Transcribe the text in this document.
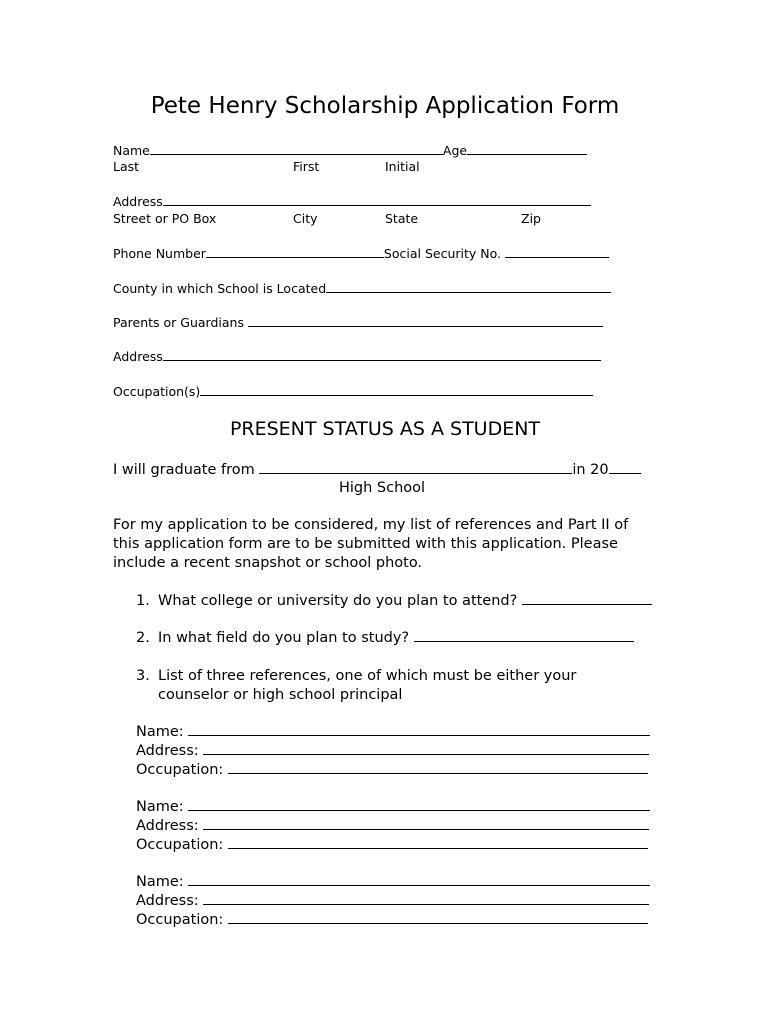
Pete Henry Scholarship Application Form
Name	Age
Last	First	Initial
Address
Street or PO Box	City	State	Zip
Phone Number	Social Security No.
County in which School is Located
Parents or Guardians
Address
Occupation(s)
PRESENT STATUS AS A STUDENT
I will graduate from	in 20
High School
For my application to be considered, my list of references and Part II of this application form are to be submitted with this application. Please include a recent snapshot or school photo.
1. What college or university do you plan to attend?
2. In what field do you plan to study?
3. List of three references, one of which must be either your counselor or high school principal
Name:
Address:
Occupation:
Name:
Address:
Occupation:
Name:
Address:
Occupation:
